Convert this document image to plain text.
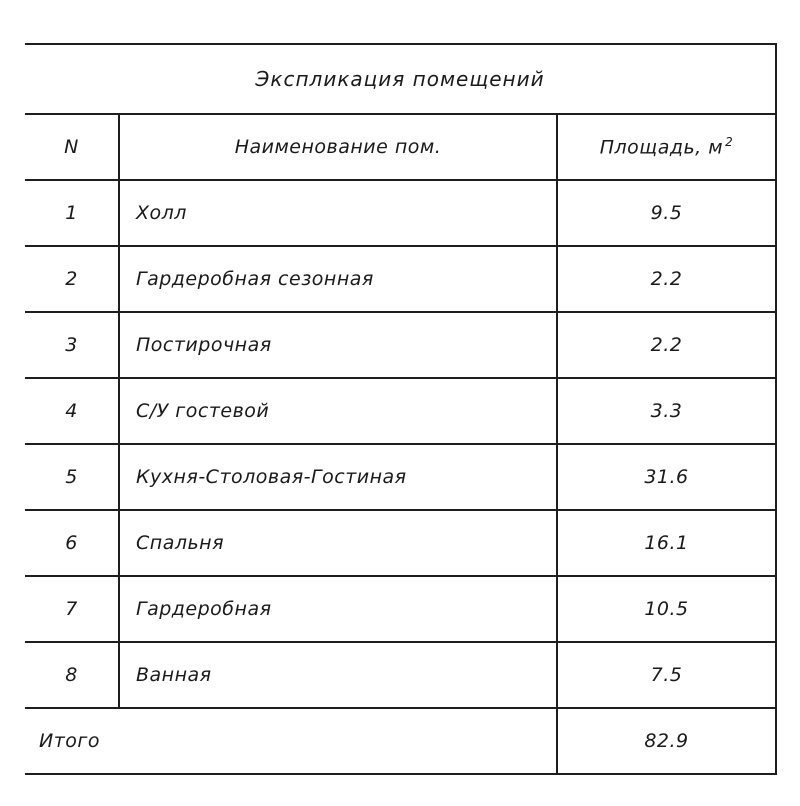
Экспликация помещений		
N	Наименование пом.	Площадь, м $^2$
1	Холл	9.5
2	Гардеробная сезонная	2.2
3	Постирочная	2.2
4	С/У гостевой	3.3
5	Кухня-Столовая-Гостиная	31.6
6	Спальня	16.1
7	Гардеробная	10.5
8	Ванная	7.5
Итого		82.9
